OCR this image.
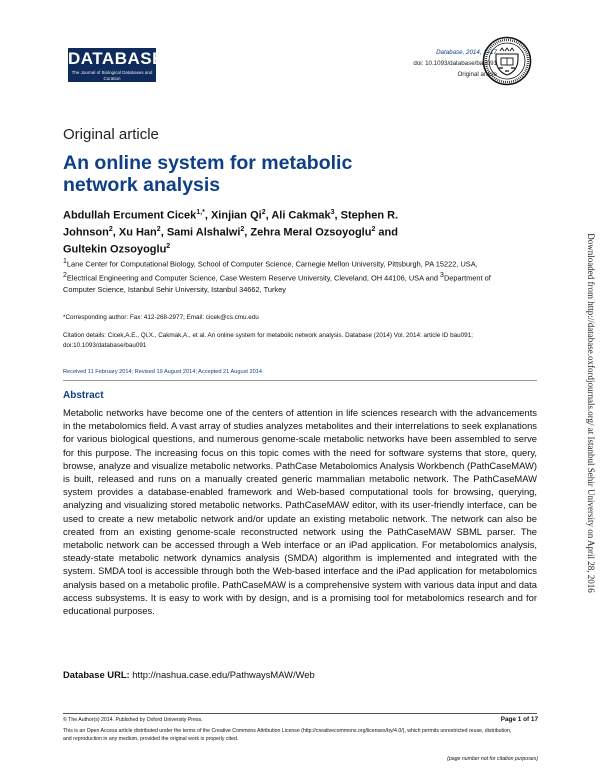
DATABASE
The Journal of Biological Databases and Curation
Database, 2014, 1–17
doi: 10.1093/database/bau091
Original article
Original article
An online system for metabolic network analysis
Abdullah Ercument Cicek$^{1,*}$, Xinjian Qi$^2$, Ali Cakmak$^3$, Stephen R. Johnson$^2$, Xu Han$^2$, Sami Alshalwi$^2$, Zehra Meral Ozsoyoglu$^2$ and Gultekin Ozsoyoglu$^2$
$^1$Lane Center for Computational Biology, School of Computer Science, Carnegie Mellon University, Pittsburgh, PA 15222, USA, $^2$Electrical Engineering and Computer Science, Case Western Reserve University, Cleveland, OH 44106, USA and $^3$Department of Computer Science, Istanbul Sehir University, Istanbul 34662, Turkey
*Corresponding author: Fax: 412-268-2977; Email: cicek@cs.cmu.edu
Citation details: Cicek,A.E., Qi,X., Cakmak,A., et al. An online system for metabolic network analysis. Database (2014) Vol. 2014: article ID bau091; doi:10.1093/database/bau091
Received 11 February 2014; Revised 19 August 2014; Accepted 21 August 2014
Abstract
Metabolic networks have become one of the centers of attention in life sciences research with the advancements in the metabolomics field. A vast array of studies analyzes metabolites and their interrelations to seek explanations for various biological questions, and numerous genome-scale metabolic networks have been assembled to serve for this purpose. The increasing focus on this topic comes with the need for software systems that store, query, browse, analyze and visualize metabolic networks. PathCase Metabolomics Analysis Workbench (PathCaseMAW) is built, released and runs on a manually created generic mammalian metabolic network. The PathCaseMAW system provides a database-enabled framework and Web-based computational tools for browsing, querying, analyzing and visualizing stored metabolic networks. PathCaseMAW editor, with its user-friendly interface, can be used to create a new metabolic network and/or update an existing metabolic network. The network can also be created from an existing genome-scale reconstructed network using the PathCaseMAW SBML parser. The metabolic network can be accessed through a Web interface or an iPad application. For metabolomics analysis, steady-state metabolic network dynamics analysis (SMDA) algorithm is implemented and integrated with the system. SMDA tool is accessible through both the Web-based interface and the iPad application for metabolomics analysis based on a metabolic profile. PathCaseMAW is a comprehensive system with various data input and data access subsystems. It is easy to work with by design, and is a promising tool for metabolomics research and for educational purposes.
Database URL: http://nashua.case.edu/PathwaysMAW/Web
© The Author(s) 2014. Published by Oxford University Press.	Page 1 of 17
This is an Open Access article distributed under the terms of the Creative Commons Attribution License (http://creativecommons.org/licenses/by/4.0/), which permits unrestricted reuse, distribution, and reproduction in any medium, provided the original work is properly cited.
(page number not for citation purposes)
Downloaded from http://database.oxfordjournals.org/ at Istanbul Sehir University on April 28, 2016
